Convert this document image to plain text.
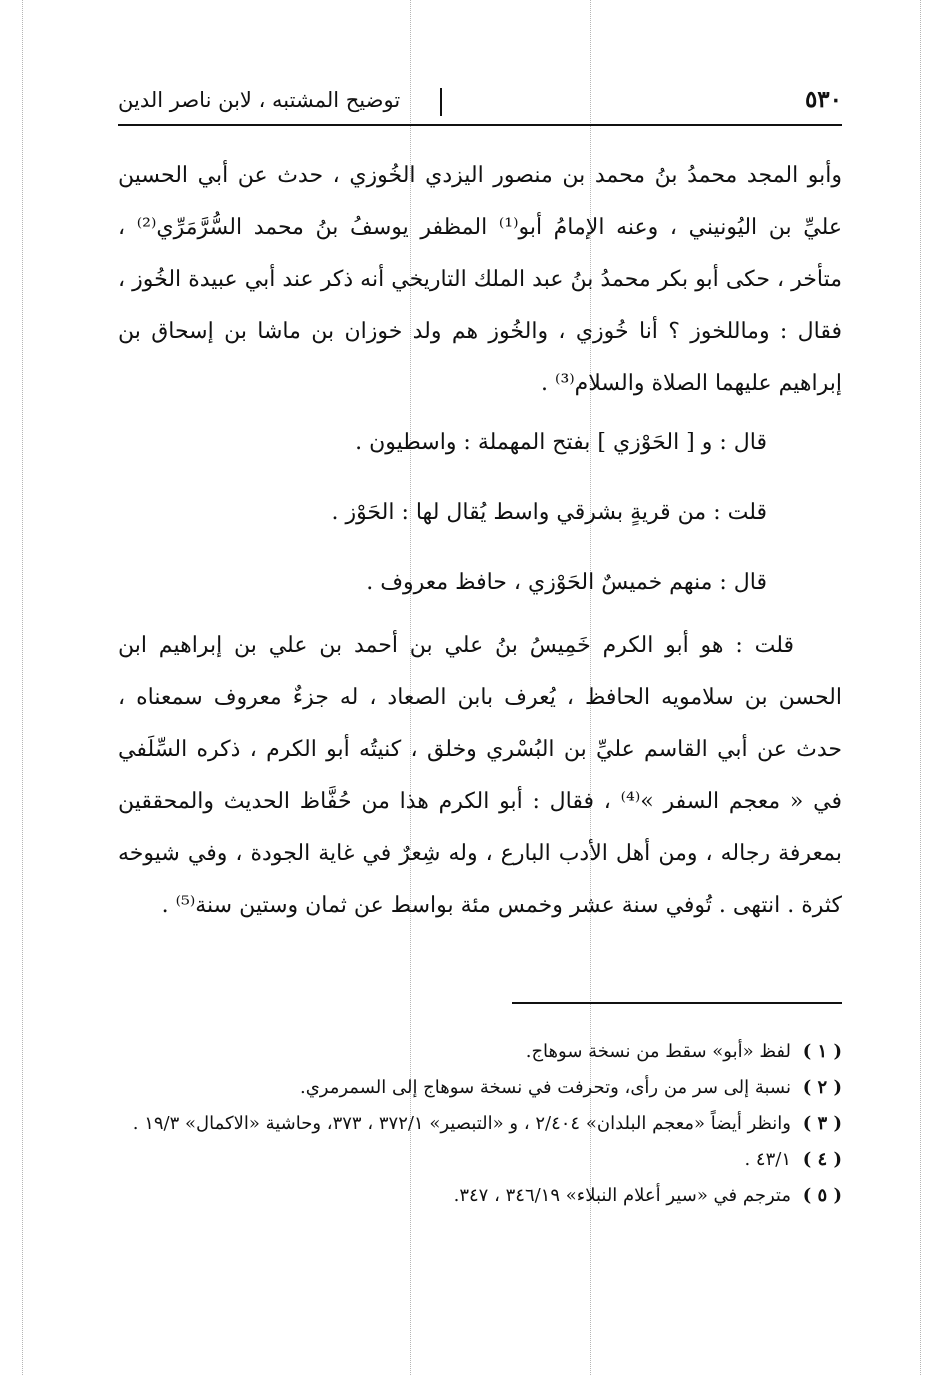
٥٣٠
توضيح المشتبه ، لابن ناصر الدين
وأبو المجد محمدُ بنُ محمد بن منصور اليزدي الخُوزي ، حدث عن أبي الحسين عليِّ بن اليُونيني ، وعنه الإمامُ أبو⁽¹⁾ المظفر يوسفُ بنُ محمد السُّرَّمَرِّي⁽²⁾ ، متأخر ، حكى أبو بكر محمدُ بنُ عبد الملك التاريخي أنه ذكر عند أبي عبيدة الخُوز ، فقال : وماللخوز ؟ أنا خُوزي ، والخُوز هم ولد خوزان بن ماشا بن إسحاق بن إبراهيم عليهما الصلاة والسلام⁽³⁾ .
قال : و [ الحَوْزي ] بفتح المهملة : واسطيون .
قلت : من قريةٍ بشرقي واسط يُقال لها : الحَوْز .
قال : منهم خميسٌ الحَوْزي ، حافظ معروف .
قلت : هو أبو الكرم خَمِيسُ بنُ علي بن أحمد بن علي بن إبراهيم ابن الحسن بن سلامويه الحافظ ، يُعرف بابن الصعاد ، له جزءٌ معروف سمعناه ، حدث عن أبي القاسم عليِّ بن البُسْري وخلق ، كنيتُه أبو الكرم ، ذكره السِّلَفي في « معجم السفر »⁽⁴⁾ ، فقال : أبو الكرم هذا من حُفَّاظ الحديث والمحققين بمعرفة رجاله ، ومن أهل الأدب البارع ، وله شِعرٌ في غاية الجودة ، وفي شيوخه كثرة . انتهى . تُوفي سنة عشر وخمس مئة بواسط عن ثمان وستين سنة⁽⁵⁾ .
( ١ ) لفظ «أبو» سقط من نسخة سوهاج.
( ٢ ) نسبة إلى سر من رأى، وتحرفت في نسخة سوهاج إلى السمرمري.
( ٣ ) وانظر أيضاً «معجم البلدان» ٢/٤٠٤ ، و «التبصير» ٣٧٢/١ ، ٣٧٣، وحاشية «الاكمال» ١٩/٣ .
( ٤ ) ٤٣/١ .
( ٥ ) مترجم في «سير أعلام النبلاء» ٣٤٦/١٩ ، ٣٤٧.
